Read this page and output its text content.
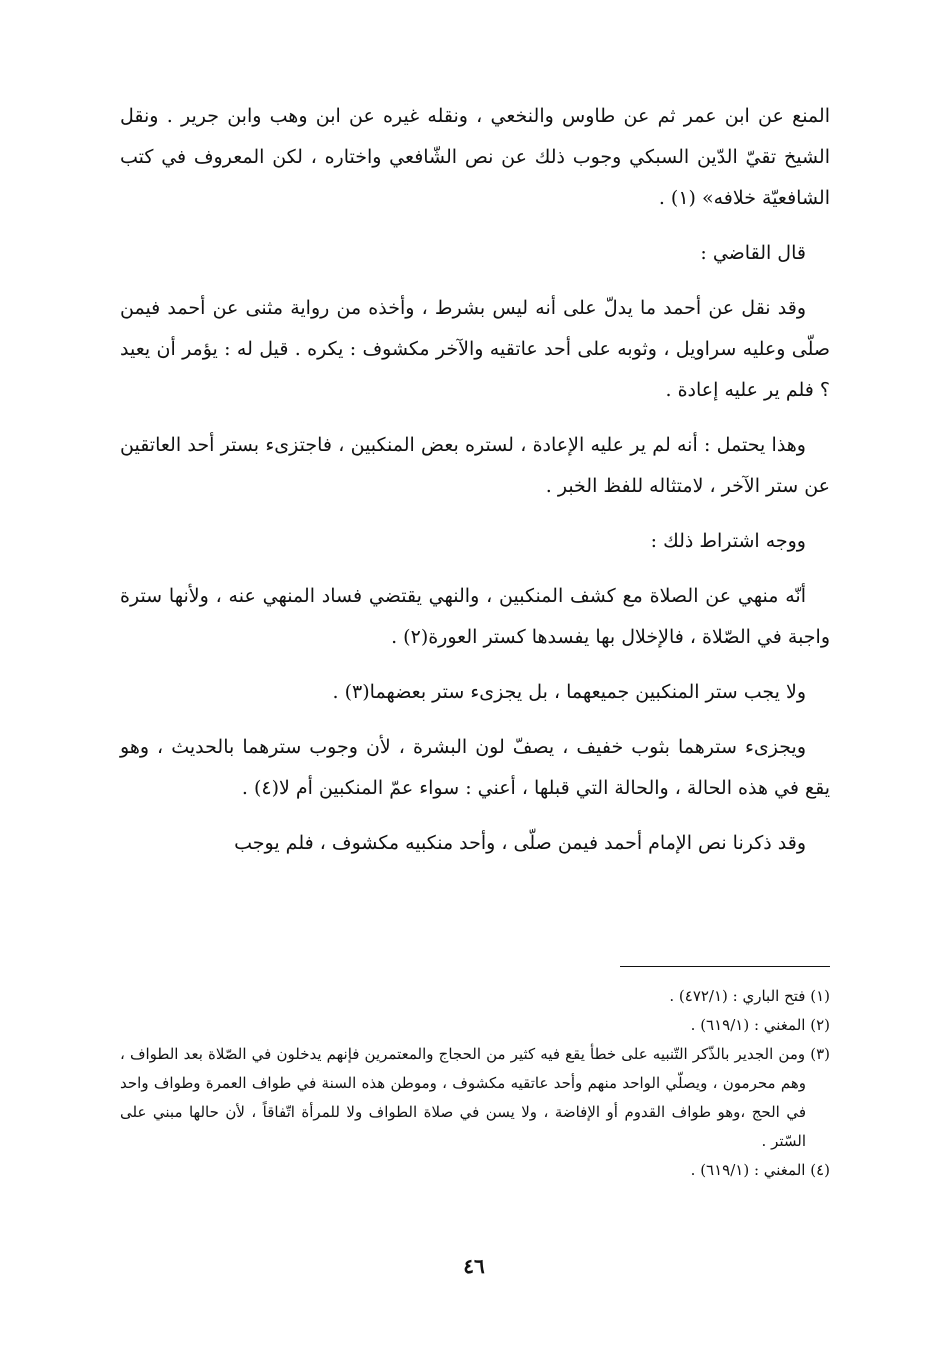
المنع عن ابن عمر ثم عن طاوس والنخعي ، ونقله غيره عن ابن وهب وابن جرير . ونقل الشيخ تقيّ الدّين السبكي وجوب ذلك عن نص الشّافعي واختاره ، لكن المعروف في كتب الشافعيّة خلافه» (١) .

قال القاضي :

وقد نقل عن أحمد ما يدلّ على أنه ليس بشرط ، وأخذه من رواية مثنى عن أحمد فيمن صلّى وعليه سراويل ، وثوبه على أحد عاتقيه والآخر مكشوف : يكره . قيل له : يؤمر أن يعيد ؟ فلم ير عليه إعادة .

وهذا يحتمل : أنه لم ير عليه الإعادة ، لستره بعض المنكبين ، فاجتزىء بستر أحد العاتقين عن ستر الآخر ، لامتثاله للفظ الخبر .

ووجه اشتراط ذلك :

أنّه منهي عن الصلاة مع كشف المنكبين ، والنهي يقتضي فساد المنهي عنه ، ولأنها سترة واجبة في الصّلاة ، فالإخلال بها يفسدها كستر العورة(٢) .

ولا يجب ستر المنكبين جميعهما ، بل يجزىء ستر بعضهما(٣) .

ويجزىء سترهما بثوب خفيف ، يصفّ لون البشرة ، لأن وجوب سترهما بالحديث ، وهو يقع في هذه الحالة ، والحالة التي قبلها ، أعني : سواء عمّ المنكبين أم لا(٤) .

وقد ذكرنا نص الإمام أحمد فيمن صلّى ، وأحد منكبيه مكشوف ، فلم يوجب

(١) فتح الباري : (٤٧٢/١) .

(٢) المغني : (٦١٩/١) .

(٣) ومن الجدير بالذّكر التّنبيه على خطأ يقع فيه كثير من الحجاج والمعتمرين فإنهم يدخلون في الصّلاة بعد الطواف ، وهم محرمون ، ويصلّي الواحد منهم وأحد عاتقيه مكشوف ، وموطن هذه السنة في طواف العمرة وطواف واحد في الحج ،وهو طواف القدوم أو الإفاضة ، ولا يسن في صلاة الطواف ولا للمرأة اتّفاقاً ، لأن حالها مبني على السّتر .

(٤) المغني : (٦١٩/١) .

٤٦
